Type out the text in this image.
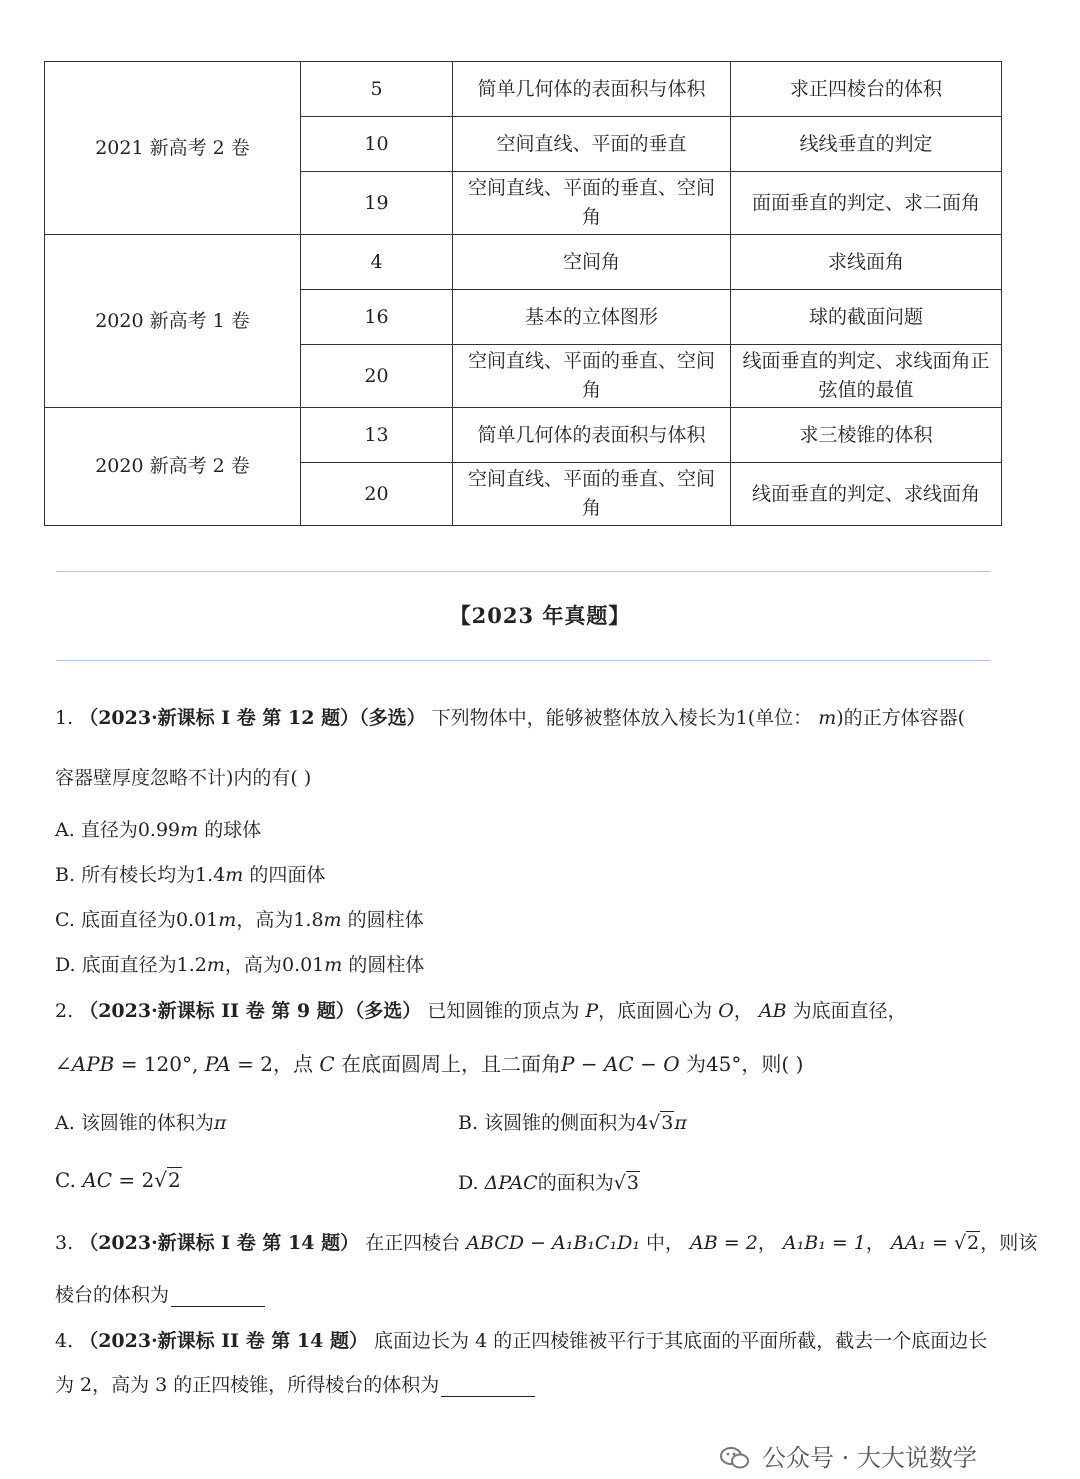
2021 新高考 2 卷	5	简单几何体的表面积与体积	求正四棱台的体积
	10	空间直线、平面的垂直	线线垂直的判定
	19	空间直线、平面的垂直、空间角	面面垂直的判定、求二面角
2020 新高考 1 卷	4	空间角	求线面角
	16	基本的立体图形	球的截面问题
	20	空间直线、平面的垂直、空间角	线面垂直的判定、求线面角正弦值的最值
2020 新高考 2 卷	13	简单几何体的表面积与体积	求三棱锥的体积
	20	空间直线、平面的垂直、空间角	线面垂直的判定、求线面角
【2023 年真题】
1. （2023·新课标 I 卷 第 12 题）（多选） 下列物体中，能够被整体放入棱长为1(单位： m)的正方体容器(
容器壁厚度忽略不计)内的有( )
A. 直径为0.99m 的球体
B. 所有棱长均为1.4m 的四面体
C. 底面直径为0.01m，高为1.8m 的圆柱体
D. 底面直径为1.2m，高为0.01m 的圆柱体
2. （2023·新课标 II 卷 第 9 题）（多选） 已知圆锥的顶点为 P，底面圆心为 O， AB 为底面直径，
∠APB = 120°, PA = 2，点 C 在底面圆周上，且二面角P − AC − O 为45°，则( )
A. 该圆锥的体积为π	B. 该圆锥的侧面积为4√3π
C. AC = 2√2	D. ΔPAC的面积为√3
3. （2023·新课标 I 卷 第 14 题） 在正四棱台 ABCD − A₁B₁C₁D₁ 中， AB = 2， A₁B₁ = 1， AA₁ = √2，则该
棱台的体积为
4. （2023·新课标 II 卷 第 14 题） 底面边长为 4 的正四棱锥被平行于其底面的平面所截，截去一个底面边长
为 2，高为 3 的正四棱锥，所得棱台的体积为
公众号 · 大大说数学
